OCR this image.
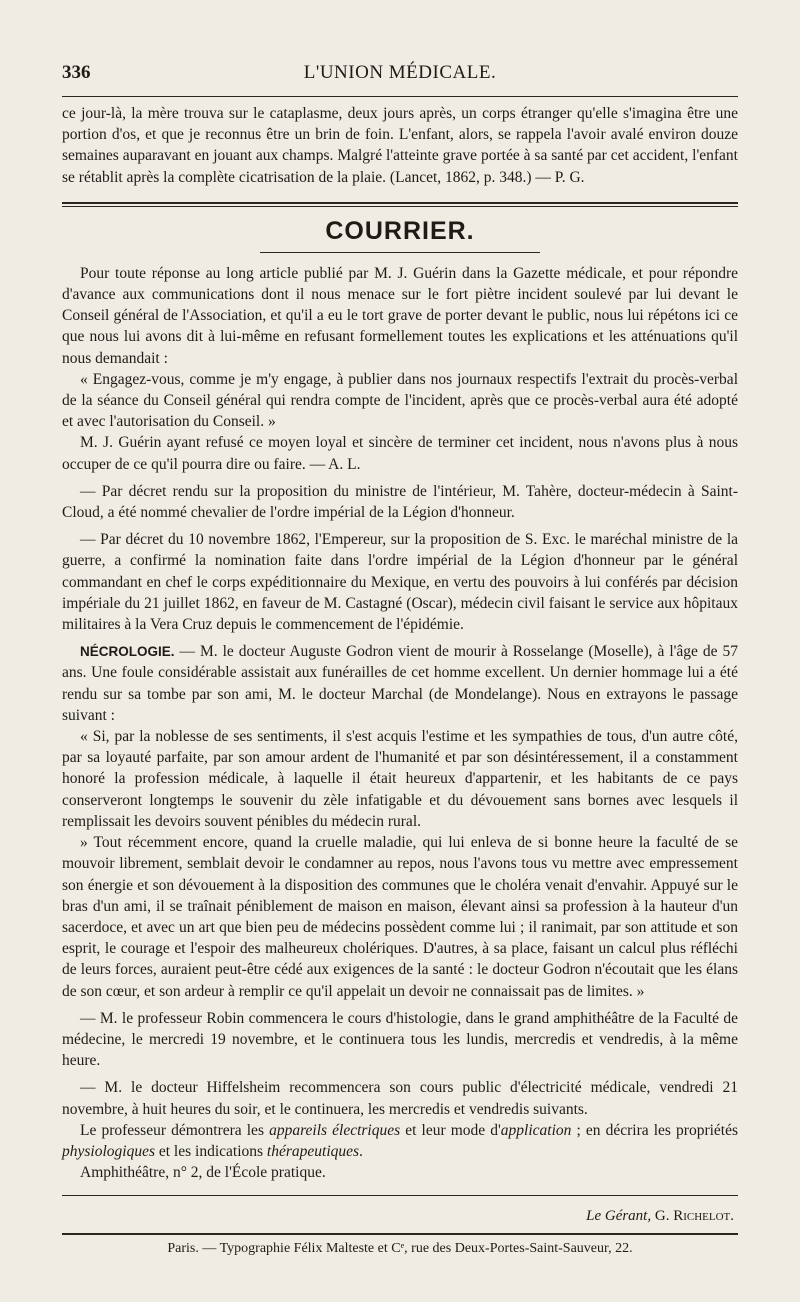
336	L'UNION MÉDICALE.

ce jour-là, la mère trouva sur le cataplasme, deux jours après, un corps étranger qu'elle s'imagina être une portion d'os, et que je reconnus être un brin de foin. L'enfant, alors, se rappela l'avoir avalé environ douze semaines auparavant en jouant aux champs. Malgré l'atteinte grave portée à sa santé par cet accident, l'enfant se rétablit après la complète cicatrisation de la plaie. (Lancet, 1862, p. 348.) — P. G.

COURRIER.

Pour toute réponse au long article publié par M. J. Guérin dans la Gazette médicale, et pour répondre d'avance aux communications dont il nous menace sur le fort piètre incident soulevé par lui devant le Conseil général de l'Association, et qu'il a eu le tort grave de porter devant le public, nous lui répétons ici ce que nous lui avons dit à lui-même en refusant formellement toutes les explications et les atténuations qu'il nous demandait :

« Engagez-vous, comme je m'y engage, à publier dans nos journaux respectifs l'extrait du procès-verbal de la séance du Conseil général qui rendra compte de l'incident, après que ce procès-verbal aura été adopté et avec l'autorisation du Conseil. »

M. J. Guérin ayant refusé ce moyen loyal et sincère de terminer cet incident, nous n'avons plus à nous occuper de ce qu'il pourra dire ou faire. — A. L.

— Par décret rendu sur la proposition du ministre de l'intérieur, M. Tahère, docteur-médecin à Saint-Cloud, a été nommé chevalier de l'ordre impérial de la Légion d'honneur.

— Par décret du 10 novembre 1862, l'Empereur, sur la proposition de S. Exc. le maréchal ministre de la guerre, a confirmé la nomination faite dans l'ordre impérial de la Légion d'honneur par le général commandant en chef le corps expéditionnaire du Mexique, en vertu des pouvoirs à lui conférés par décision impériale du 21 juillet 1862, en faveur de M. Castagné (Oscar), médecin civil faisant le service aux hôpitaux militaires à la Vera Cruz depuis le commencement de l'épidémie.

NÉCROLOGIE. — M. le docteur Auguste Godron vient de mourir à Rosselange (Moselle), à l'âge de 57 ans. Une foule considérable assistait aux funérailles de cet homme excellent. Un dernier hommage lui a été rendu sur sa tombe par son ami, M. le docteur Marchal (de Mondelange). Nous en extrayons le passage suivant :

« Si, par la noblesse de ses sentiments, il s'est acquis l'estime et les sympathies de tous, d'un autre côté, par sa loyauté parfaite, par son amour ardent de l'humanité et par son désintéressement, il a constamment honoré la profession médicale, à laquelle il était heureux d'appartenir, et les habitants de ce pays conserveront longtemps le souvenir du zèle infatigable et du dévouement sans bornes avec lesquels il remplissait les devoirs souvent pénibles du médecin rural.

» Tout récemment encore, quand la cruelle maladie, qui lui enleva de si bonne heure la faculté de se mouvoir librement, semblait devoir le condamner au repos, nous l'avons tous vu mettre avec empressement son énergie et son dévouement à la disposition des communes que le choléra venait d'envahir. Appuyé sur le bras d'un ami, il se traînait péniblement de maison en maison, élevant ainsi sa profession à la hauteur d'un sacerdoce, et avec un art que bien peu de médecins possèdent comme lui ; il ranimait, par son attitude et son esprit, le courage et l'espoir des malheureux cholériques. D'autres, à sa place, faisant un calcul plus réfléchi de leurs forces, auraient peut-être cédé aux exigences de la santé : le docteur Godron n'écoutait que les élans de son cœur, et son ardeur à remplir ce qu'il appelait un devoir ne connaissait pas de limites. »

— M. le professeur Robin commencera le cours d'histologie, dans le grand amphithéâtre de la Faculté de médecine, le mercredi 19 novembre, et le continuera tous les lundis, mercredis et vendredis, à la même heure.

— M. le docteur Hiffelsheim recommencera son cours public d'électricité médicale, vendredi 21 novembre, à huit heures du soir, et le continuera, les mercredis et vendredis suivants.

Le professeur démontrera les appareils électriques et leur mode d'application ; en décrira les propriétés physiologiques et les indications thérapeutiques.

Amphithéâtre, n° 2, de l'École pratique.

Le Gérant, G. Richelot.
Paris. — Typographie Félix Malteste et Cᵉ, rue des Deux-Portes-Saint-Sauveur, 22.
